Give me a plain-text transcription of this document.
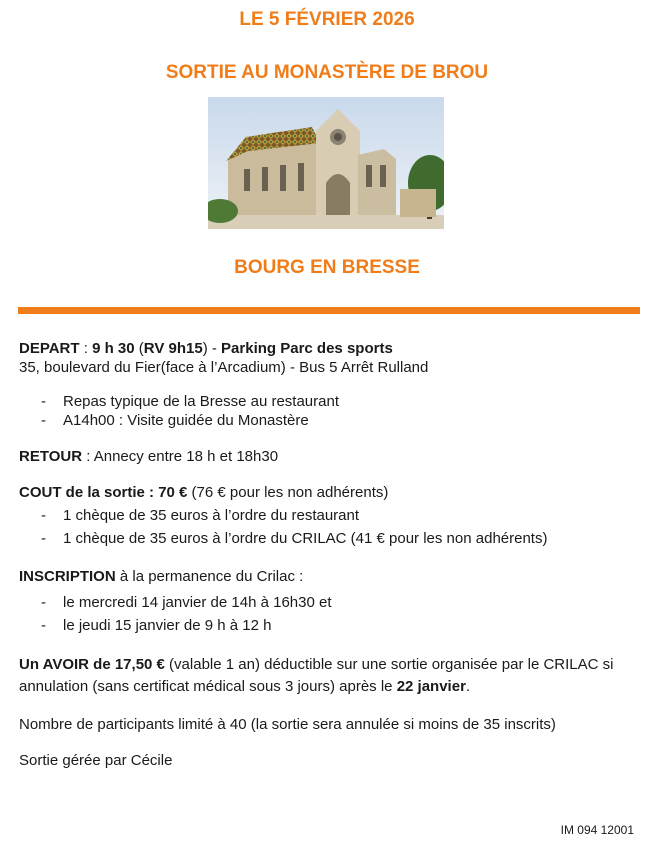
LE 5 FÉVRIER 2026
SORTIE AU MONASTÈRE DE BROU
BOURG EN BRESSE

DEPART : 9 h 30 (RV 9h15) - Parking Parc des sports

35, boulevard du Fier(face à l’Arcadium) - Bus 5 Arrêt Rulland

- Repas typique de la Bresse au restaurant
- A14h00 : Visite guidée du Monastère

RETOUR : Annecy entre 18 h et 18h30

COUT de la sortie : 70 € (76 € pour les non adhérents)

- 1 chèque de 35 euros à l’ordre du restaurant
- 1 chèque de 35 euros à l’ordre du CRILAC (41 € pour les non adhérents)

INSCRIPTION à la permanence du Crilac :

- le mercredi 14 janvier de 14h à 16h30 et
- le jeudi 15 janvier de 9 h à 12 h

Un AVOIR de 17,50 € (valable 1 an) déductible sur une sortie organisée par le CRILAC si annulation (sans certificat médical sous 3 jours) après le 22 janvier.

Nombre de participants limité à 40 (la sortie sera annulée si moins de 35 inscrits)

Sortie gérée par Cécile

IM 094 12001
